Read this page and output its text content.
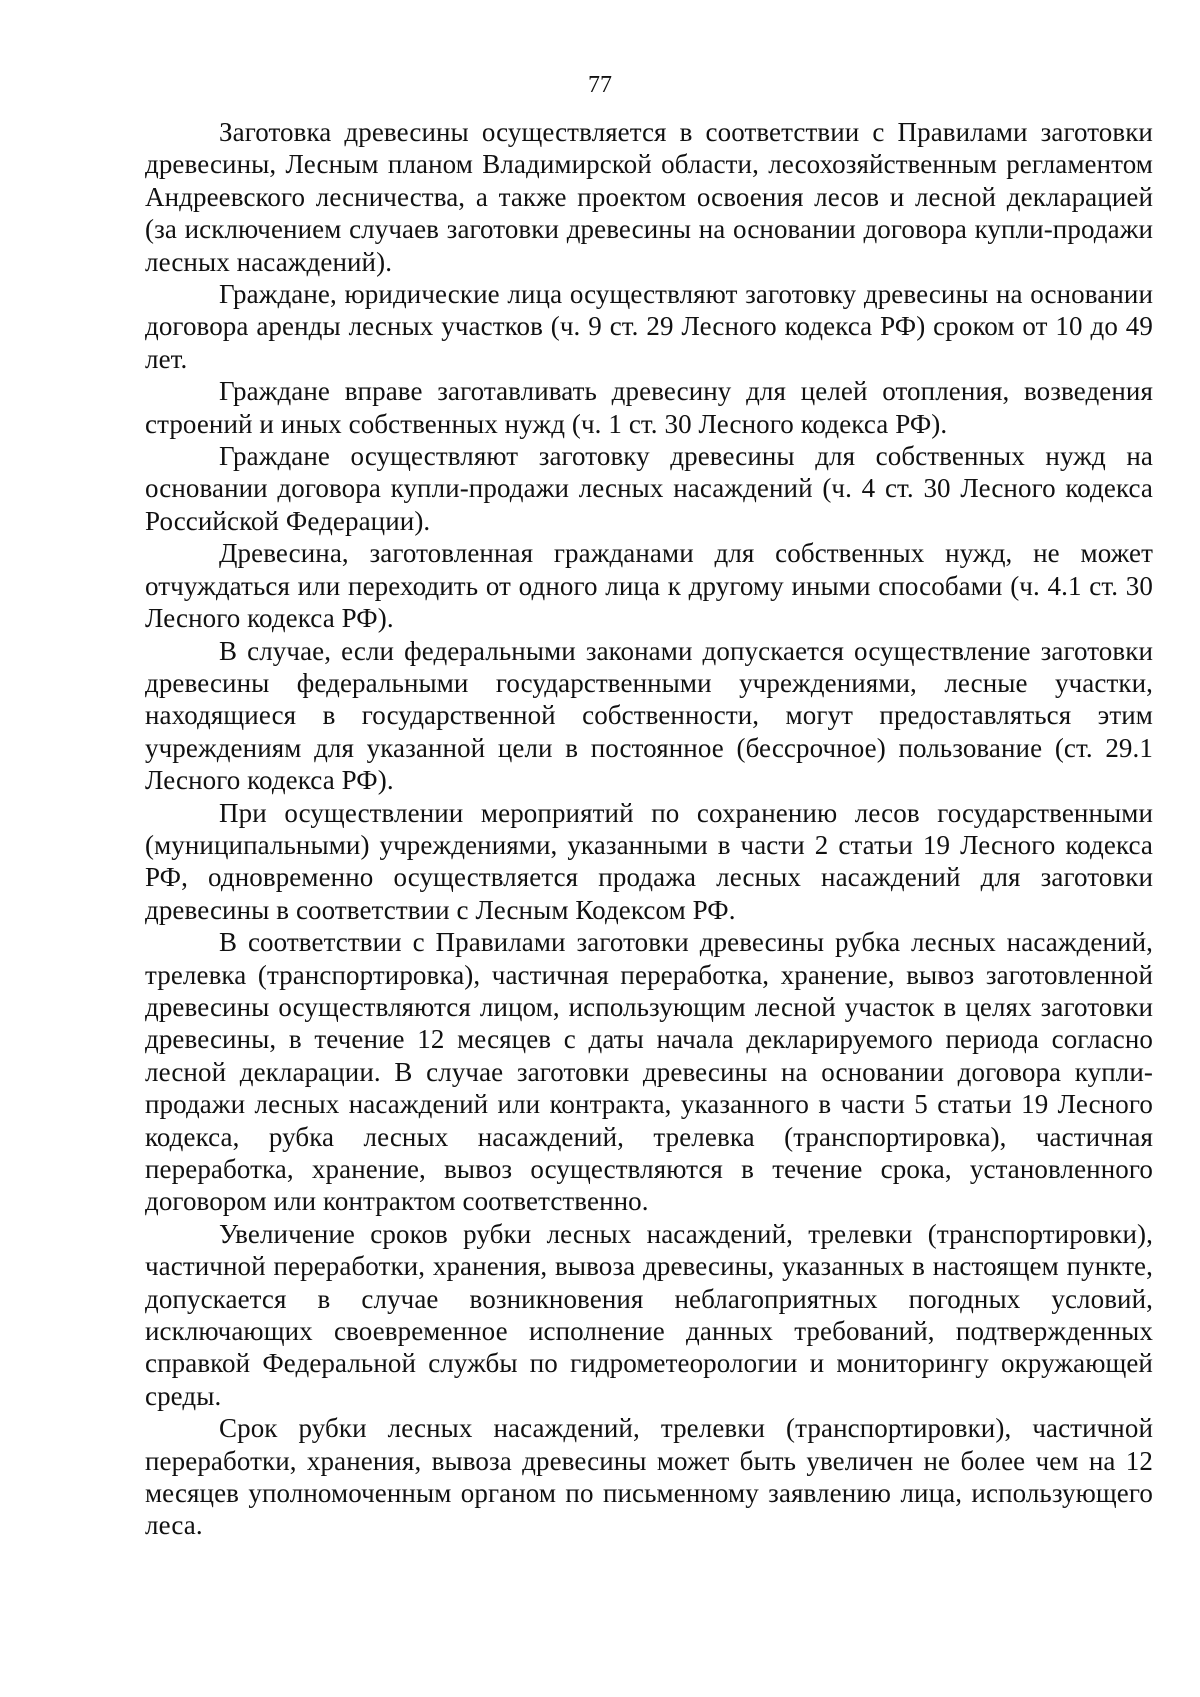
77

Заготовка древесины осуществляется в соответствии с Правилами заготовки древесины, Лесным планом Владимирской области, лесохозяйственным регламентом Андреевского лесничества, а также проектом освоения лесов и лесной декларацией (за исключением случаев заготовки древесины на основании договора купли-продажи лесных насаждений).

Граждане, юридические лица осуществляют заготовку древесины на основании договора аренды лесных участков (ч. 9 ст. 29 Лесного кодекса РФ) сроком от 10 до 49 лет.

Граждане вправе заготавливать древесину для целей отопления, возведения строений и иных собственных нужд (ч. 1 ст. 30 Лесного кодекса РФ).

Граждане осуществляют заготовку древесины для собственных нужд на основании договора купли-продажи лесных насаждений (ч. 4 ст. 30 Лесного кодекса Российской Федерации).

Древесина, заготовленная гражданами для собственных нужд, не может отчуждаться или переходить от одного лица к другому иными способами (ч. 4.1 ст. 30 Лесного кодекса РФ).

В случае, если федеральными законами допускается осуществление заготовки древесины федеральными государственными учреждениями, лесные участки, находящиеся в государственной собственности, могут предоставляться этим учреждениям для указанной цели в постоянное (бессрочное) пользование (ст. 29.1 Лесного кодекса РФ).

При осуществлении мероприятий по сохранению лесов государственными (муниципальными) учреждениями, указанными в части 2 статьи 19 Лесного кодекса РФ, одновременно осуществляется продажа лесных насаждений для заготовки древесины в соответствии с Лесным Кодексом РФ.

В соответствии с Правилами заготовки древесины рубка лесных насаждений, трелевка (транспортировка), частичная переработка, хранение, вывоз заготовленной древесины осуществляются лицом, использующим лесной участок в целях заготовки древесины, в течение 12 месяцев с даты начала декларируемого периода согласно лесной декларации. В случае заготовки древесины на основании договора купли-продажи лесных насаждений или контракта, указанного в части 5 статьи 19 Лесного кодекса, рубка лесных насаждений, трелевка (транспортировка), частичная переработка, хранение, вывоз осуществляются в течение срока, установленного договором или контрактом соответственно.

Увеличение сроков рубки лесных насаждений, трелевки (транспортировки), частичной переработки, хранения, вывоза древесины, указанных в настоящем пункте, допускается в случае возникновения неблагоприятных погодных условий, исключающих своевременное исполнение данных требований, подтвержденных справкой Федеральной службы по гидрометеорологии и мониторингу окружающей среды.

Срок рубки лесных насаждений, трелевки (транспортировки), частичной переработки, хранения, вывоза древесины может быть увеличен не более чем на 12 месяцев уполномоченным органом по письменному заявлению лица, использующего леса.
